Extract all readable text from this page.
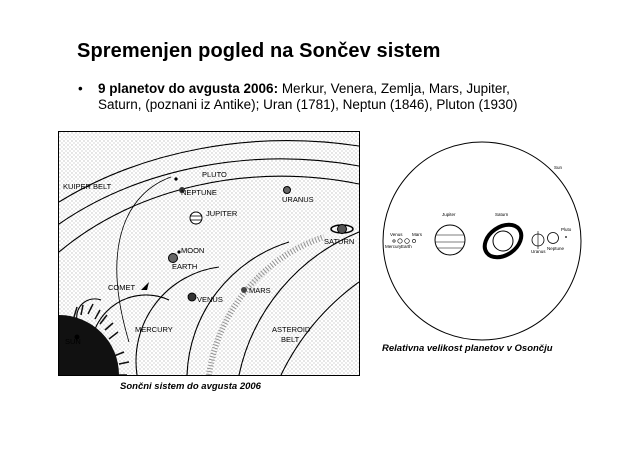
Spremenjen pogled na Sončev sistem
• 9 planetov do avgusta 2006: Merkur, Venera, Zemlja, Mars, Jupiter,
Saturn, (poznani iz Antike); Uran (1781), Neptun (1846), Pluton (1930)
PLUTO
KUIPER BELT
NEPTUNE
URANUS
JUPITER
SATURN
MOON
EARTH
COMET
VENUS
MARS
MERCURY
SUN
ASTEROID
BELT
Sončni sistem do avgusta 2006
Sun
Jupiter	Saturn
Venus Mars
Mercury Earth
Uranus
Neptune
Pluto
Relativna velikost planetov v Osončju
